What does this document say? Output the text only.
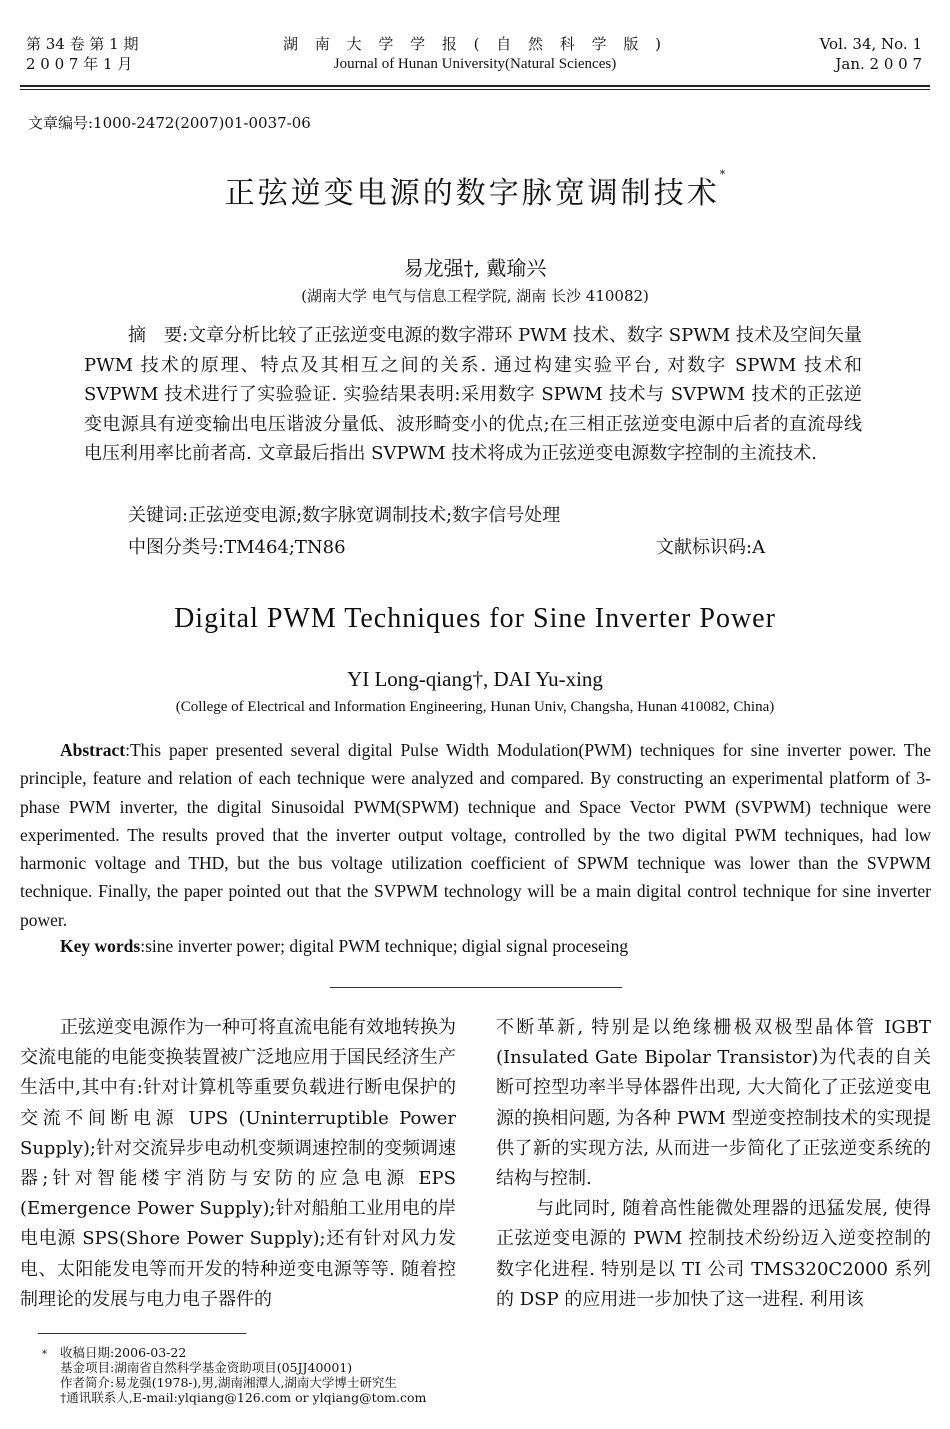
第 34 卷 第 1 期
2 0 0 7 年 1 月
湖 南 大 学 学 报 ( 自 然 科 学 版 )
Journal of Hunan University(Natural Sciences)
Vol. 34, No. 1
Jan. 2 0 0 7
文章编号:1000-2472(2007)01-0037-06
正弦逆变电源的数字脉宽调制技术*
易龙强†, 戴瑜兴
(湖南大学 电气与信息工程学院, 湖南 长沙 410082)
摘　要:文章分析比较了正弦逆变电源的数字滞环 PWM 技术、数字 SPWM 技术及空间矢量 PWM 技术的原理、特点及其相互之间的关系. 通过构建实验平台, 对数字 SPWM 技术和 SVPWM 技术进行了实验验证. 实验结果表明:采用数字 SPWM 技术与 SVPWM 技术的正弦逆变电源具有逆变输出电压谐波分量低、波形畸变小的优点;在三相正弦逆变电源中后者的直流母线电压利用率比前者高. 文章最后指出 SVPWM 技术将成为正弦逆变电源数字控制的主流技术.
关键词:正弦逆变电源;数字脉宽调制技术;数字信号处理
中图分类号:TM464;TN86	文献标识码:A
Digital PWM Techniques for Sine Inverter Power
YI Long-qiang†, DAI Yu-xing
(College of Electrical and Information Engineering, Hunan Univ, Changsha, Hunan 410082, China)
Abstract:This paper presented several digital Pulse Width Modulation(PWM) techniques for sine inverter power. The principle, feature and relation of each technique were analyzed and compared. By constructing an experimental platform of 3-phase PWM inverter, the digital Sinusoidal PWM(SPWM) technique and Space Vector PWM (SVPWM) technique were experimented. The results proved that the inverter output voltage, controlled by the two digital PWM techniques, had low harmonic voltage and THD, but the bus voltage utilization coefficient of SPWM technique was lower than the SVPWM technique. Finally, the paper pointed out that the SVPWM technology will be a main digital control technique for sine inverter power.
Key words:sine inverter power; digital PWM technique; digial signal proceseing

正弦逆变电源作为一种可将直流电能有效地转换为交流电能的电能变换装置被广泛地应用于国民经济生产生活中,其中有:针对计算机等重要负载进行断电保护的交流不间断电源 UPS (Uninterruptible Power Supply);针对交流异步电动机变频调速控制的变频调速器;针对智能楼宇消防与安防的应急电源 EPS (Emergence Power Supply);针对船舶工业用电的岸电电源 SPS(Shore Power Supply);还有针对风力发电、太阳能发电等而开发的特种逆变电源等等. 随着控制理论的发展与电力电子器件的

不断革新, 特别是以绝缘栅极双极型晶体管 IGBT (Insulated Gate Bipolar Transistor)为代表的自关断可控型功率半导体器件出现, 大大简化了正弦逆变电源的换相问题, 为各种 PWM 型逆变控制技术的实现提供了新的实现方法, 从而进一步简化了正弦逆变系统的结构与控制.

与此同时, 随着高性能微处理器的迅猛发展, 使得正弦逆变电源的 PWM 控制技术纷纷迈入逆变控制的数字化进程. 特别是以 TI 公司 TMS320C2000 系列的 DSP 的应用进一步加快了这一进程. 利用该

*	收稿日期:2006-03-22
基金项目:湖南省自然科学基金资助项目(05JJ40001)
作者简介:易龙强(1978-),男,湖南湘潭人,湖南大学博士研究生
†通讯联系人,E-mail:ylqiang@126.com or ylqiang@tom.com
